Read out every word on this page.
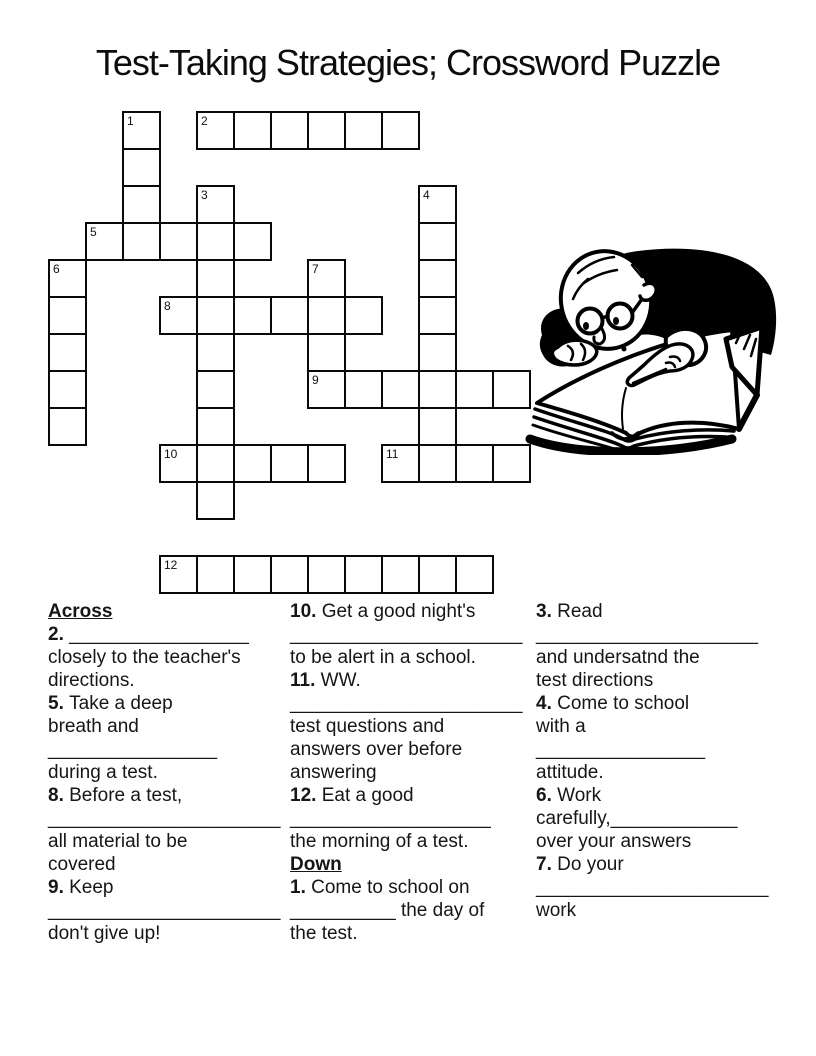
Test-Taking Strategies; Crossword Puzzle
1	2
3	4
5
6	7
8
9
10	11
12
Across
2. _________________
closely to the teacher's
directions.
5. Take a deep
breath and
________________
during a test.
8. Before a test,
______________________
all material to be
covered
9. Keep
______________________
don't give up!
10. Get a good night's
______________________
to be alert in a school.
11. WW.
______________________
test questions and
answers over before
answering
12. Eat a good
___________________
the morning of a test.
Down
1. Come to school on
__________ the day of
the test.
3. Read
_____________________
and undersatnd the
test directions
4. Come to school
with a
________________
attitude.
6. Work
carefully,____________
over your answers
7. Do your
______________________
work
